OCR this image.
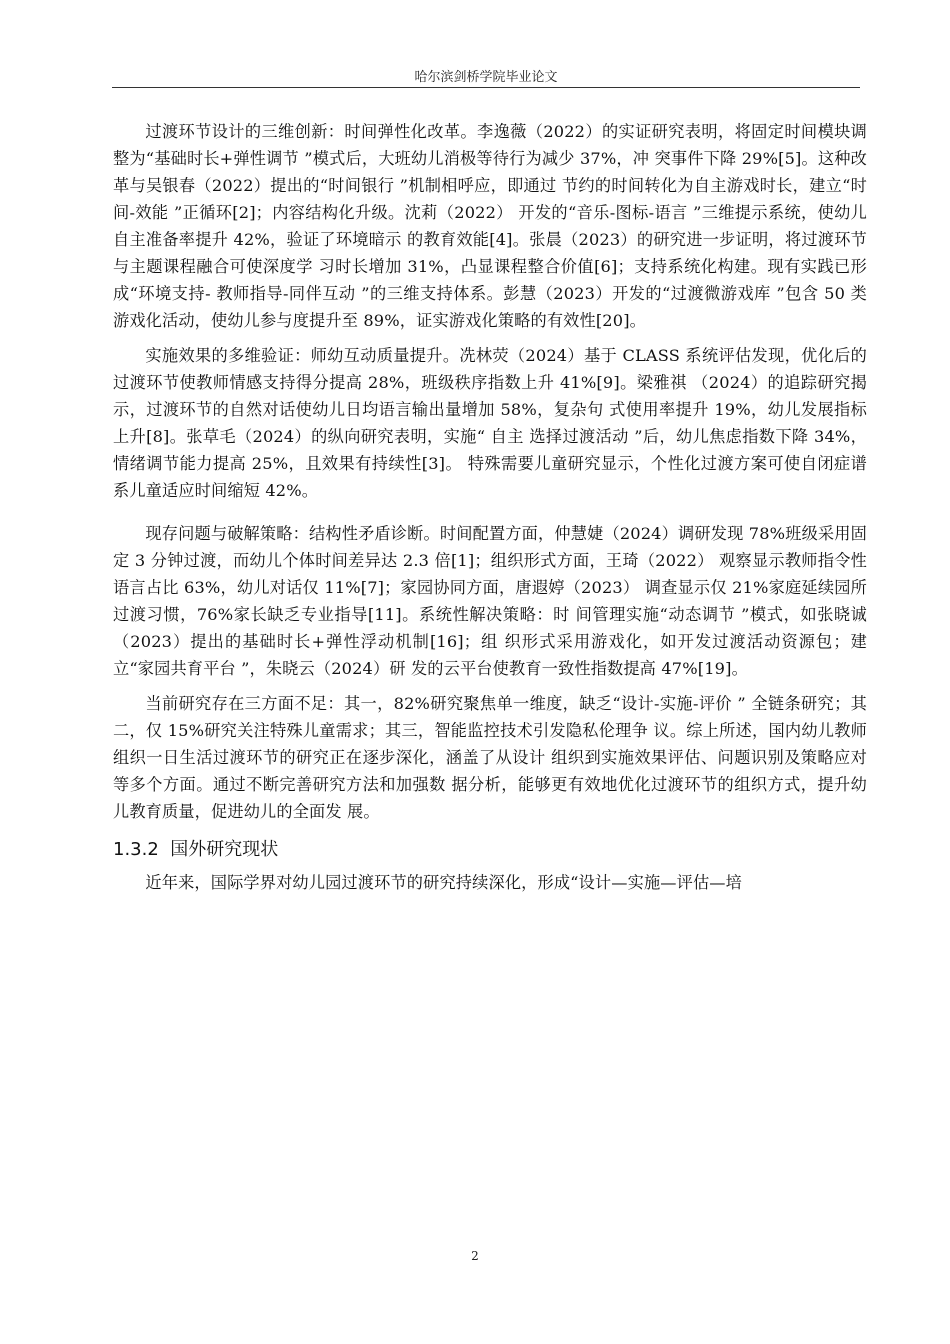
哈尔滨剑桥学院毕业论文

过渡环节设计的三维创新：时间弹性化改革。李逸薇（2022）的实证研究表明，将固定时间模块调整为“基础时长+弹性调节 ”模式后，大班幼儿消极等待行为减少 37%，冲 突事件下降 29%[5]。这种改革与吴银春（2022）提出的“时间银行 ”机制相呼应，即通过 节约的时间转化为自主游戏时长，建立“时间-效能 ”正循环[2]；内容结构化升级。沈莉（2022） 开发的“音乐-图标-语言 ”三维提示系统，使幼儿自主准备率提升 42%，验证了环境暗示 的教育效能[4]。张晨（2023）的研究进一步证明，将过渡环节与主题课程融合可使深度学 习时长增加 31%，凸显课程整合价值[6]；支持系统化构建。现有实践已形成“环境支持- 教师指导-同伴互动 ”的三维支持体系。彭慧（2023）开发的“过渡微游戏库 ”包含 50 类 游戏化活动，使幼儿参与度提升至 89%，证实游戏化策略的有效性[20]。

实施效果的多维验证：师幼互动质量提升。冼林荧（2024）基于 CLASS 系统评估发现，优化后的过渡环节使教师情感支持得分提高 28%，班级秩序指数上升 41%[9]。梁雅祺 （2024）的追踪研究揭示，过渡环节的自然对话使幼儿日均语言输出量增加 58%，复杂句 式使用率提升 19%，幼儿发展指标上升[8]。张草毛（2024）的纵向研究表明，实施“ 自主 选择过渡活动 ”后，幼儿焦虑指数下降 34%，情绪调节能力提高 25%，且效果有持续性[3]。 特殊需要儿童研究显示，个性化过渡方案可使自闭症谱系儿童适应时间缩短 42%。

现存问题与破解策略：结构性矛盾诊断。时间配置方面，仲慧婕（2024）调研发现 78%班级采用固定 3 分钟过渡，而幼儿个体时间差异达 2.3 倍[1]；组织形式方面，王琦（2022） 观察显示教师指令性语言占比 63%，幼儿对话仅 11%[7]；家园协同方面，唐遐婷（2023） 调查显示仅 21%家庭延续园所过渡习惯，76%家长缺乏专业指导[11]。系统性解决策略：时 间管理实施“动态调节 ”模式，如张晓诚（2023）提出的基础时长+弹性浮动机制[16]；组 织形式采用游戏化，如开发过渡活动资源包；建立“家园共育平台 ”，朱晓云（2024）研 发的云平台使教育一致性指数提高 47%[19]。

当前研究存在三方面不足：其一，82%研究聚焦单一维度，缺乏“设计-实施-评价 ” 全链条研究；其二，仅 15%研究关注特殊儿童需求；其三，智能监控技术引发隐私伦理争 议。综上所述，国内幼儿教师组织一日生活过渡环节的研究正在逐步深化，涵盖了从设计 组织到实施效果评估、问题识别及策略应对等多个方面。通过不断完善研究方法和加强数 据分析，能够更有效地优化过渡环节的组织方式，提升幼儿教育质量，促进幼儿的全面发 展。

1.3.2 国外研究现状

近年来，国际学界对幼儿园过渡环节的研究持续深化，形成“设计—实施—评估—培

2
